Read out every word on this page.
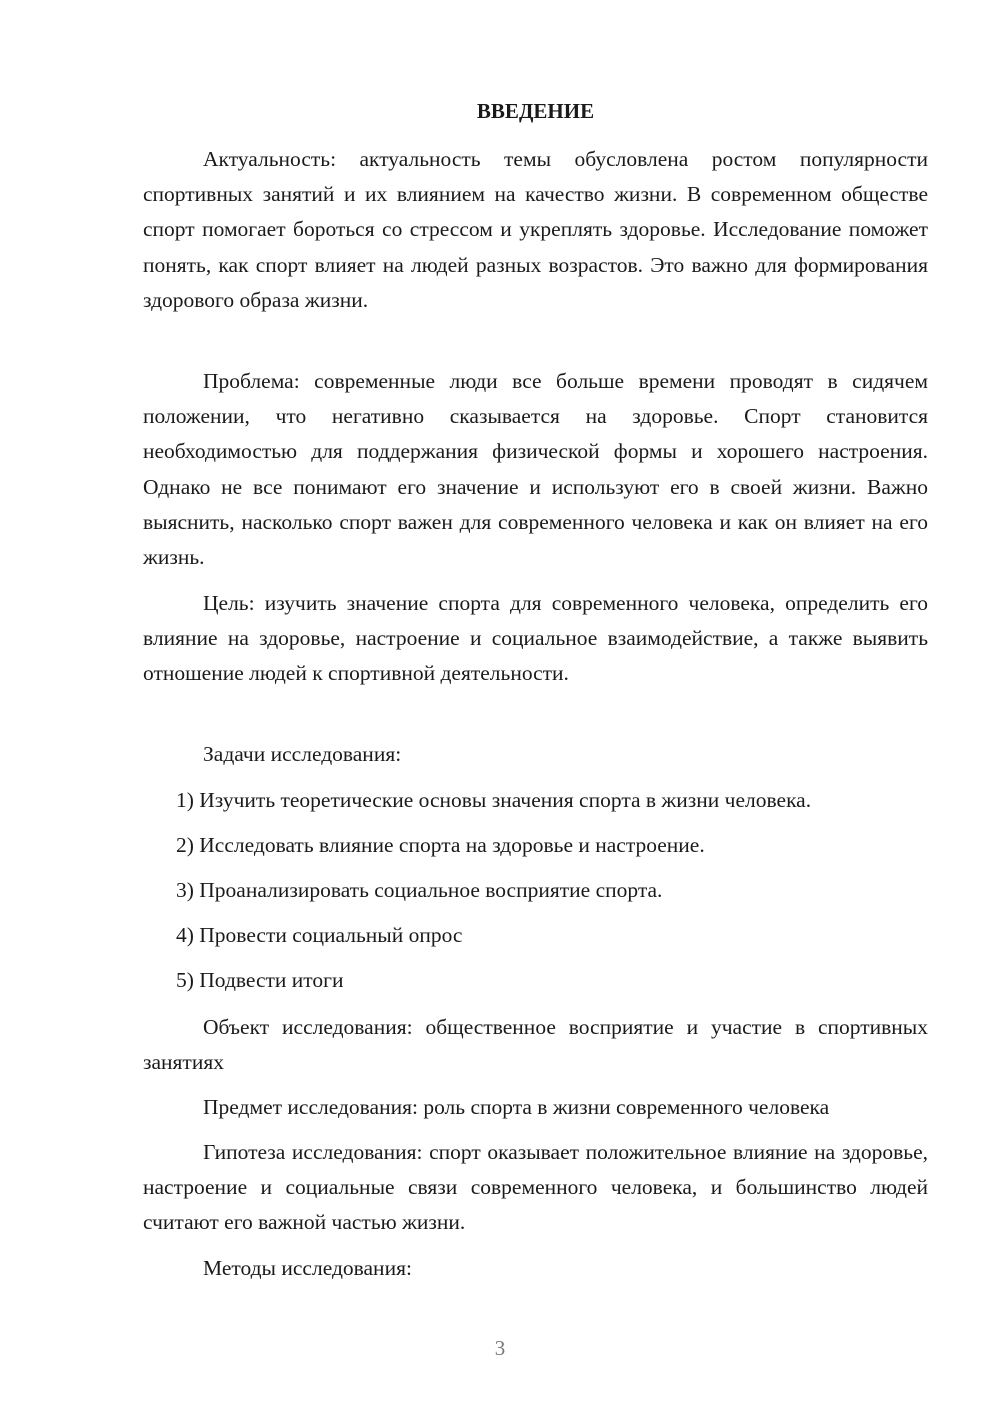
ВВЕДЕНИЕ

Актуальность: актуальность темы обусловлена ростом популярности спортивных занятий и их влиянием на качество жизни. В современном обществе спорт помогает бороться со стрессом и укреплять здоровье. Исследование поможет понять, как спорт влияет на людей разных возрастов. Это важно для формирования здорового образа жизни.

Проблема: современные люди все больше времени проводят в сидячем положении, что негативно сказывается на здоровье. Спорт становится необходимостью для поддержания физической формы и хорошего настроения. Однако не все понимают его значение и используют его в своей жизни. Важно выяснить, насколько спорт важен для современного человека и как он влияет на его жизнь.

Цель: изучить значение спорта для современного человека, определить его влияние на здоровье, настроение и социальное взаимодействие, а также выявить отношение людей к спортивной деятельности.

Задачи исследования:

1) Изучить теоретические основы значения спорта в жизни человека.

2) Исследовать влияние спорта на здоровье и настроение.

3) Проанализировать социальное восприятие спорта.

4) Провести социальный опрос

5) Подвести итоги

Объект исследования: общественное восприятие и участие в спортивных занятиях

Предмет исследования: роль спорта в жизни современного человека

Гипотеза исследования: спорт оказывает положительное влияние на здоровье, настроение и социальные связи современного человека, и большинство людей считают его важной частью жизни.

Методы исследования:

3
